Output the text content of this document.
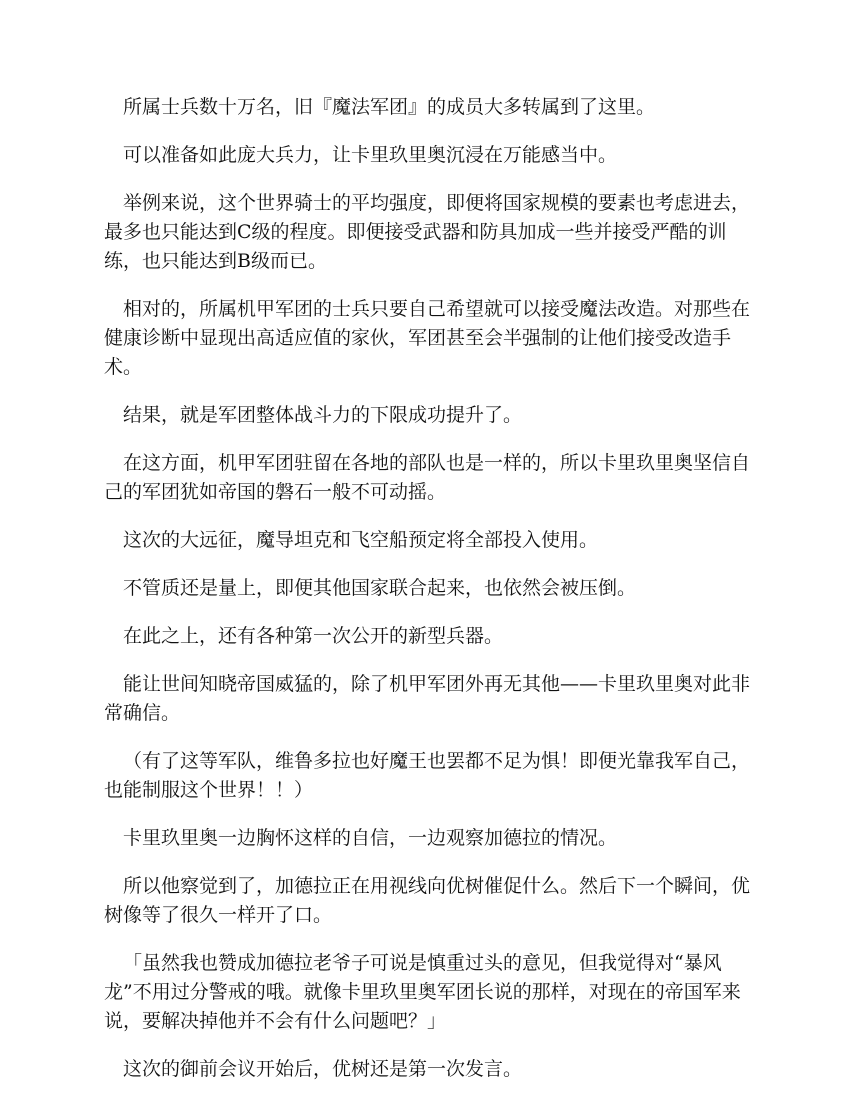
所属士兵数十万名，旧『魔法军团』的成员大多转属到了这里。

可以准备如此庞大兵力，让卡里玖里奥沉浸在万能感当中。

举例来说，这个世界骑士的平均强度，即便将国家规模的要素也考虑进去，最多也只能达到C级的程度。即便接受武器和防具加成一些并接受严酷的训练，也只能达到B级而已。

相对的，所属机甲军团的士兵只要自己希望就可以接受魔法改造。对那些在健康诊断中显现出高适应值的家伙，军团甚至会半强制的让他们接受改造手术。

结果，就是军团整体战斗力的下限成功提升了。

在这方面，机甲军团驻留在各地的部队也是一样的，所以卡里玖里奥坚信自己的军团犹如帝国的磐石一般不可动摇。

这次的大远征，魔导坦克和飞空船预定将全部投入使用。

不管质还是量上，即便其他国家联合起来，也依然会被压倒。

在此之上，还有各种第一次公开的新型兵器。

能让世间知晓帝国威猛的，除了机甲军团外再无其他——卡里玖里奥对此非常确信。

（有了这等军队，维鲁多拉也好魔王也罢都不足为惧！即便光靠我军自己，也能制服这个世界！！）

卡里玖里奥一边胸怀这样的自信，一边观察加德拉的情况。

所以他察觉到了，加德拉正在用视线向优树催促什么。然后下一个瞬间，优树像等了很久一样开了口。

「虽然我也赞成加德拉老爷子可说是慎重过头的意见，但我觉得对“暴风龙”不用过分警戒的哦。就像卡里玖里奥军团长说的那样，对现在的帝国军来说，要解决掉他并不会有什么问题吧？」

这次的御前会议开始后，优树还是第一次发言。
